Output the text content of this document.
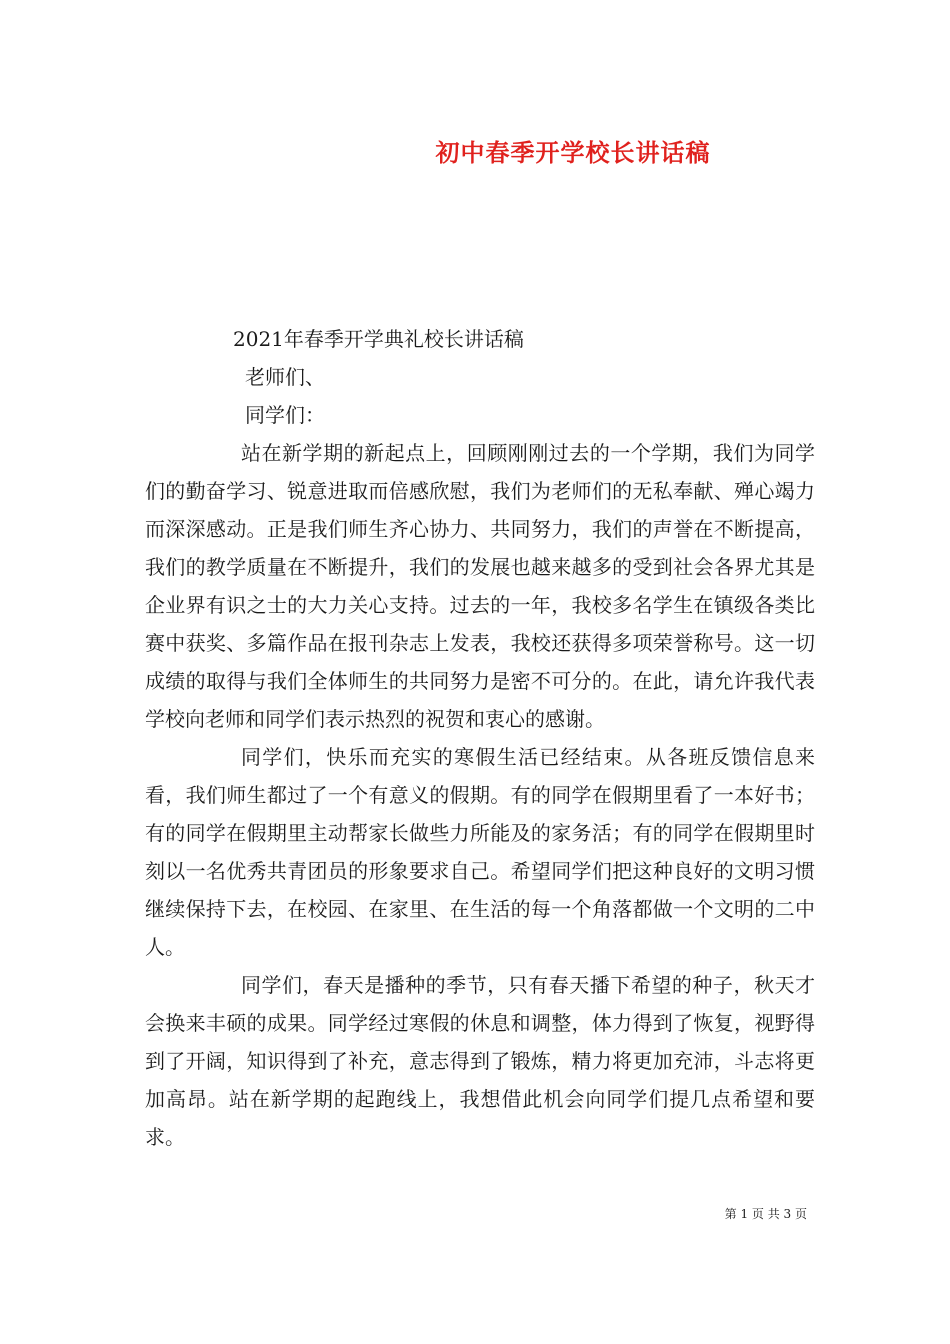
初中春季开学校长讲话稿
2021年春季开学典礼校长讲话稿
老师们、
同学们：

站在新学期的新起点上，回顾刚刚过去的一个学期，我们为同学们的勤奋学习、锐意进取而倍感欣慰，我们为老师们的无私奉献、殚心竭力而深深感动。正是我们师生齐心协力、共同努力，我们的声誉在不断提高，我们的教学质量在不断提升，我们的发展也越来越多的受到社会各界尤其是企业界有识之士的大力关心支持。过去的一年，我校多名学生在镇级各类比赛中获奖、多篇作品在报刊杂志上发表，我校还获得多项荣誉称号。这一切成绩的取得与我们全体师生的共同努力是密不可分的。在此，请允许我代表学校向老师和同学们表示热烈的祝贺和衷心的感谢。

同学们，快乐而充实的寒假生活已经结束。从各班反馈信息来看，我们师生都过了一个有意义的假期。有的同学在假期里看了一本好书；有的同学在假期里主动帮家长做些力所能及的家务活；有的同学在假期里时刻以一名优秀共青团员的形象要求自己。希望同学们把这种良好的文明习惯继续保持下去，在校园、在家里、在生活的每一个角落都做一个文明的二中人。

同学们，春天是播种的季节，只有春天播下希望的种子，秋天才会换来丰硕的成果。同学经过寒假的休息和调整，体力得到了恢复，视野得到了开阔，知识得到了补充，意志得到了锻炼，精力将更加充沛，斗志将更加高昂。站在新学期的起跑线上，我想借此机会向同学们提几点希望和要求。

第 1 页 共 3 页
